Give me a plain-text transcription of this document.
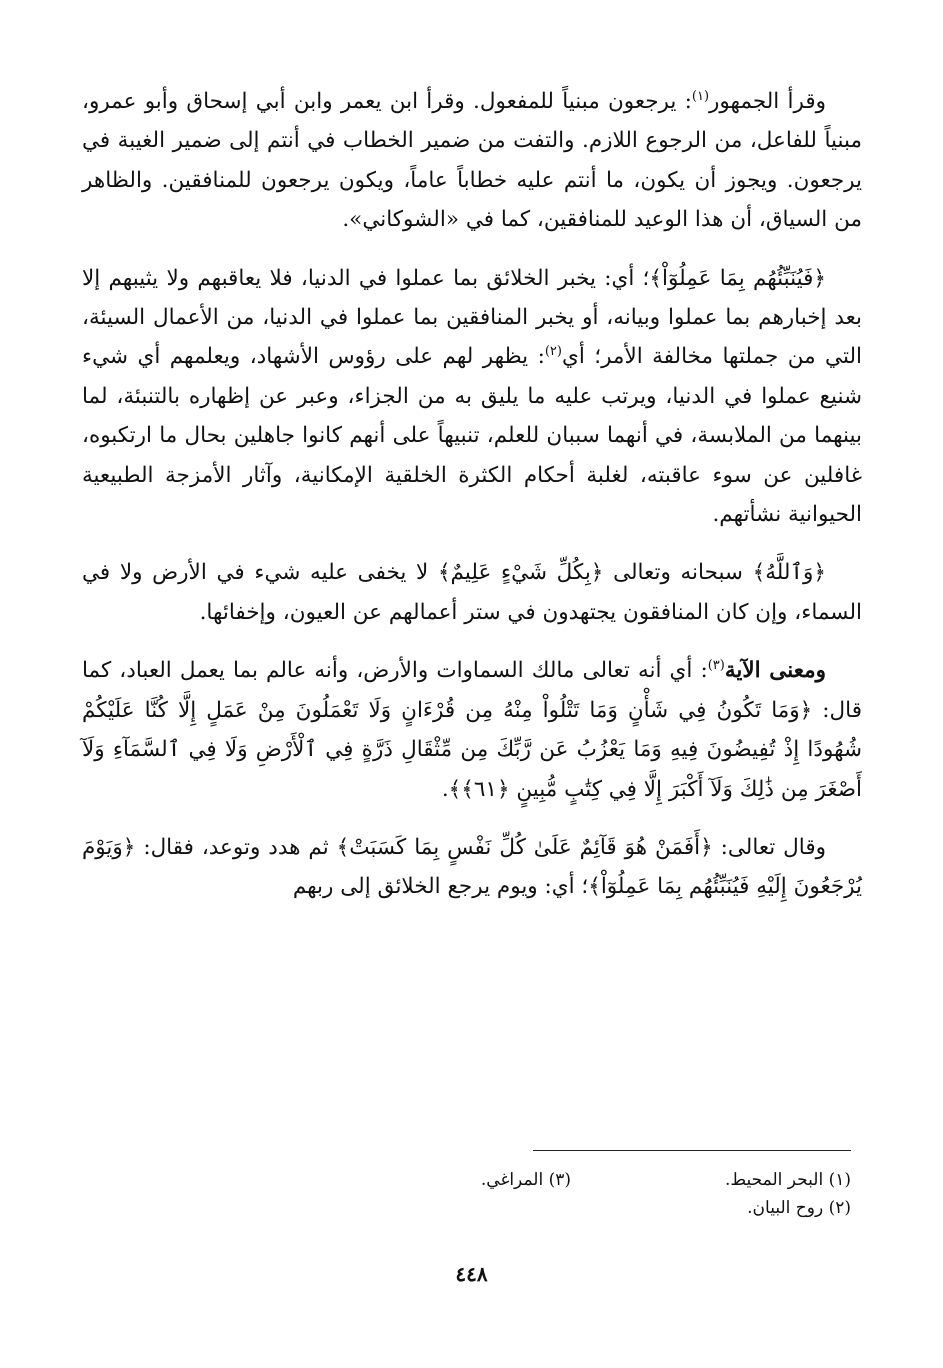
وقرأ الجمهور$^{(١)}$: يرجعون مبنياً للمفعول. وقرأ ابن يعمر وابن أبي إسحاق وأبو عمرو، مبنياً للفاعل، من الرجوع اللازم. والتفت من ضمير الخطاب في أنتم إلى ضمير الغيبة في يرجعون. ويجوز أن يكون، ما أنتم عليه خطاباً عاماً، ويكون يرجعون للمنافقين. والظاهر من السياق، أن هذا الوعيد للمنافقين، كما في «الشوكاني».

﴿فَيُنَبِّئُهُم بِمَا عَمِلُوٓاْ﴾؛ أي: يخبر الخلائق بما عملوا في الدنيا، فلا يعاقبهم ولا يثيبهم إلا بعد إخبارهم بما عملوا وبيانه، أو يخبر المنافقين بما عملوا في الدنيا، من الأعمال السيئة، التي من جملتها مخالفة الأمر؛ أي$^{(٢)}$: يظهر لهم على رؤوس الأشهاد، ويعلمهم أي شيء شنيع عملوا في الدنيا، ويرتب عليه ما يليق به من الجزاء، وعبر عن إظهاره بالتنبئة، لما بينهما من الملابسة، في أنهما سببان للعلم، تنبيهاً على أنهم كانوا جاهلين بحال ما ارتكبوه، غافلين عن سوء عاقبته، لغلبة أحكام الكثرة الخلقية الإمكانية، وآثار الأمزجة الطبيعية الحيوانية نشأتهم.

﴿وَٱللَّهُ﴾ سبحانه وتعالى ﴿بِكُلِّ شَيْءٍ عَلِيمٌ﴾ لا يخفى عليه شيء في الأرض ولا في السماء، وإن كان المنافقون يجتهدون في ستر أعمالهم عن العيون، وإخفائها.

ومعنى الآية$^{(٣)}$: أي أنه تعالى مالك السماوات والأرض، وأنه عالم بما يعمل العباد، كما قال: ﴿وَمَا تَكُونُ فِي شَأْنٍ وَمَا تَتْلُواْ مِنْهُ مِن قُرْءَانٍ وَلَا تَعْمَلُونَ مِنْ عَمَلٍ إِلَّا كُنَّا عَلَيْكُمْ شُهُودًا إِذْ تُفِيضُونَ فِيهِ وَمَا يَعْزُبُ عَن رَّبِّكَ مِن مِّثْقَالِ ذَرَّةٍ فِي ٱلْأَرْضِ وَلَا فِي ٱلسَّمَآءِ وَلَآ أَصْغَرَ مِن ذَٰلِكَ وَلَآ أَكْبَرَ إِلَّا فِي كِتَٰبٍ مُّبِينٍ ﴿٦١﴾﴾.

وقال تعالى: ﴿أَفَمَنْ هُوَ قَآئِمٌ عَلَىٰ كُلِّ نَفْسٍ بِمَا كَسَبَتْ﴾ ثم هدد وتوعد، فقال: ﴿وَيَوْمَ يُرْجَعُونَ إِلَيْهِ فَيُنَبِّئُهُم بِمَا عَمِلُوٓاْ﴾؛ أي: ويوم يرجع الخلائق إلى ربهم

(١) البحر المحيط.
(٣) المراغي.
(٢) روح البيان.
٤٤٨
